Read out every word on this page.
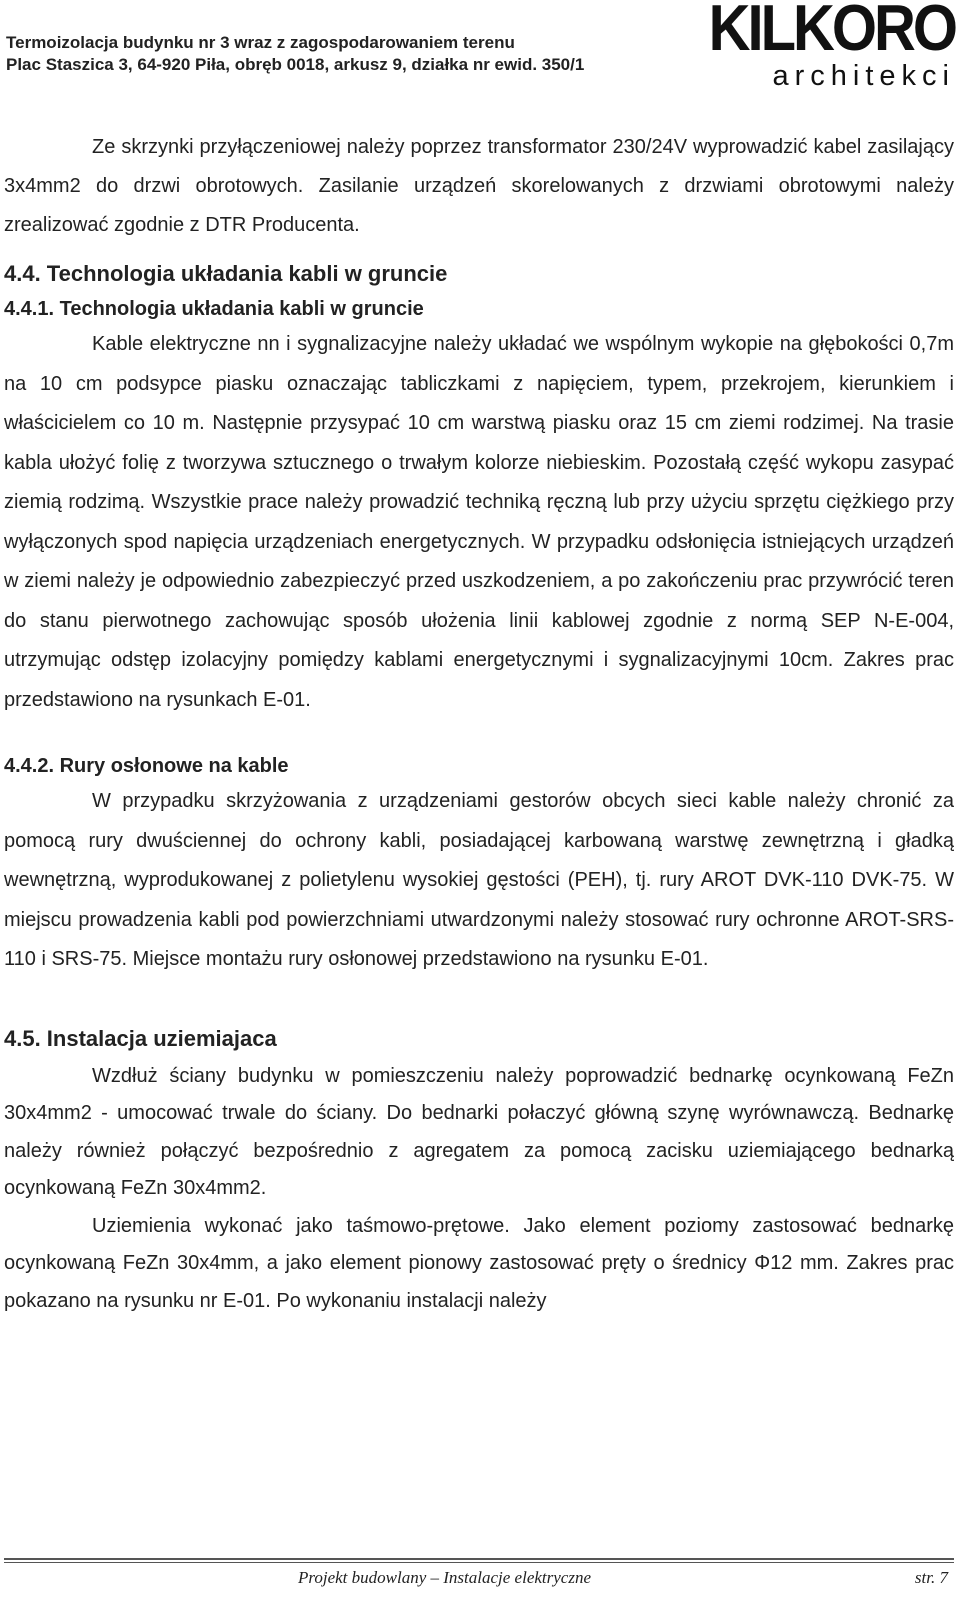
Termoizolacja budynku nr 3 wraz z zagospodarowaniem terenu
Plac Staszica 3, 64-920 Piła, obręb 0018, arkusz 9, działka nr ewid. 350/1
KILKORO
architekci

Ze skrzynki przyłączeniowej należy poprzez transformator 230/24V wyprowadzić kabel zasilający 3x4mm2 do drzwi obrotowych. Zasilanie urządzeń skorelowanych z drzwiami obrotowymi należy zrealizować zgodnie z DTR Producenta.

4.4. Technologia układania kabli w gruncie
4.4.1. Technologia układania kabli w gruncie

Kable elektryczne nn i sygnalizacyjne należy układać we wspólnym wykopie na głębokości 0,7m na 10 cm podsypce piasku oznaczając tabliczkami z napięciem, typem, przekrojem, kierunkiem i właścicielem co 10 m. Następnie przysypać 10 cm warstwą piasku oraz 15 cm ziemi rodzimej. Na trasie kabla ułożyć folię z tworzywa sztucznego o trwałym kolorze niebieskim. Pozostałą część wykopu zasypać ziemią rodzimą. Wszystkie prace należy prowadzić techniką ręczną lub przy użyciu sprzętu ciężkiego przy wyłączonych spod napięcia urządzeniach energetycznych. W przypadku odsłonięcia istniejących urządzeń w ziemi należy je odpowiednio zabezpieczyć przed uszkodzeniem, a po zakończeniu prac przywrócić teren do stanu pierwotnego zachowując sposób ułożenia linii kablowej zgodnie z normą SEP N-E-004, utrzymując odstęp izolacyjny pomiędzy kablami energetycznymi i sygnalizacyjnymi 10cm. Zakres prac przedstawiono na rysunkach E-01.

4.4.2. Rury osłonowe na kable

W przypadku skrzyżowania z urządzeniami gestorów obcych sieci kable należy chronić za pomocą rury dwuściennej do ochrony kabli, posiadającej karbowaną warstwę zewnętrzną i gładką wewnętrzną, wyprodukowanej z polietylenu wysokiej gęstości (PEH), tj. rury AROT DVK-110 DVK-75. W miejscu prowadzenia kabli pod powierzchniami utwardzonymi należy stosować rury ochronne AROT-SRS-110 i SRS-75. Miejsce montażu rury osłonowej przedstawiono na rysunku E-01.

4.5. Instalacja uziemiajaca

Wzdłuż ściany budynku w pomieszczeniu należy poprowadzić bednarkę ocynkowaną FeZn 30x4mm2 - umocować trwale do ściany. Do bednarki połaczyć główną szynę wyrównawczą. Bednarkę należy również połączyć bezpośrednio z agregatem za pomocą zacisku uziemiającego bednarką ocynkowaną FeZn 30x4mm2.

Uziemienia wykonać jako taśmowo-prętowe. Jako element poziomy zastosować bednarkę ocynkowaną FeZn 30x4mm, a jako element pionowy zastosować pręty o średnicy Φ12 mm. Zakres prac pokazano na rysunku nr E-01. Po wykonaniu instalacji należy

Projekt budowlany – Instalacje elektryczne	str. 7
